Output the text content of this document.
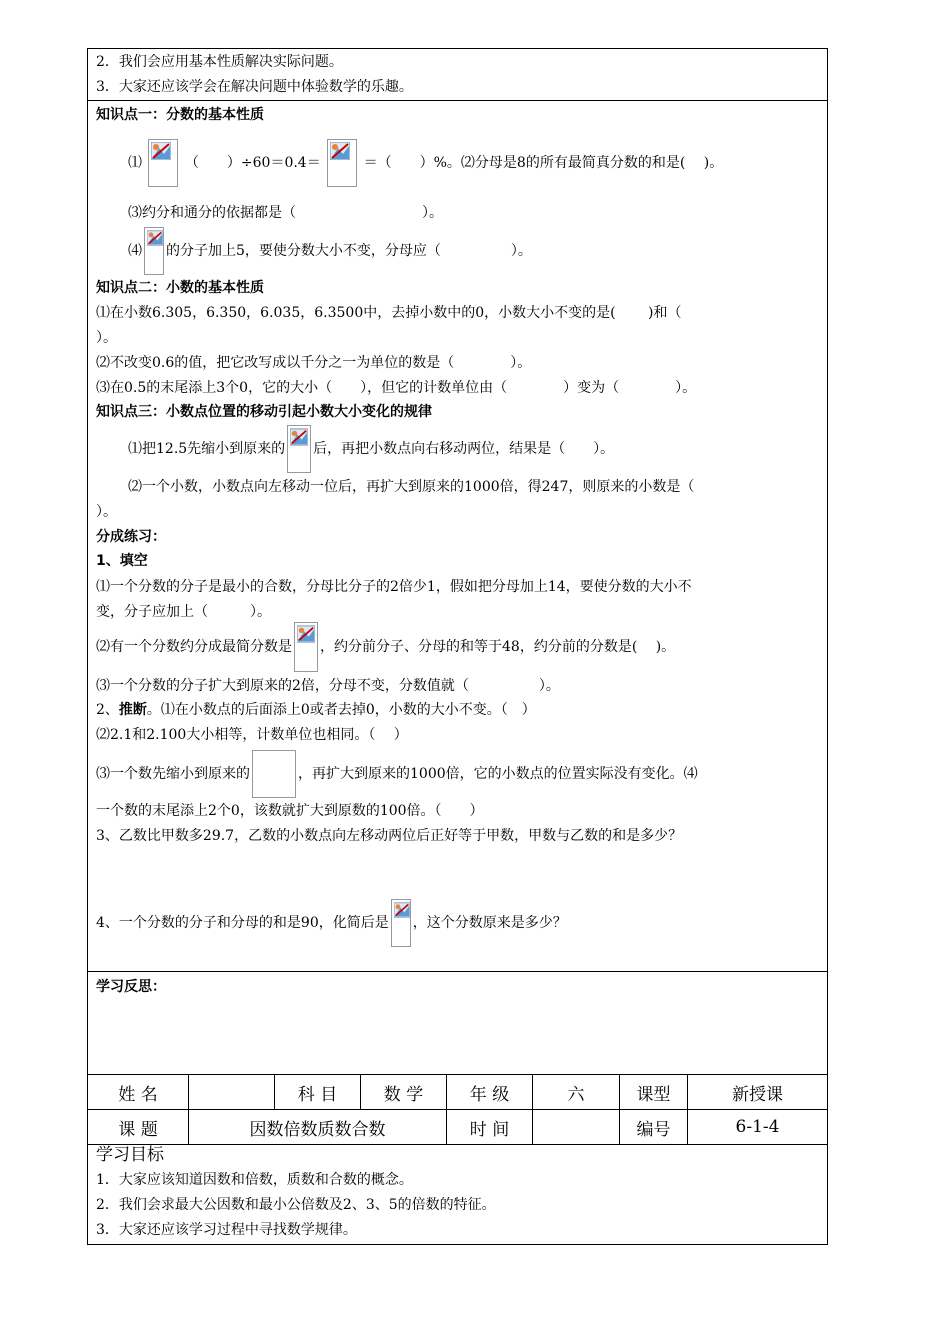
2．我们会应用基本性质解决实际问题。
3．大家还应该学会在解决问题中体验数学的乐趣。
知识点一：分数的基本性质
⑴	（　　）÷60＝0.4＝	＝（　　）%。⑵分母是8的所有最简真分数的和是(　 )。
⑶约分和通分的依据都是（　　　　　　　　　）。
⑷ 的分子加上5，要使分数大小不变，分母应（　　　　　）。
知识点二：小数的基本性质
⑴在小数6.305，6.350，6.035，6.3500中，去掉小数中的0，小数大小不变的是(　　 )和（
）。
⑵不改变0.6的值，把它改写成以千分之一为单位的数是（　　　　）。
⑶在0.5的末尾添上3个0，它的大小（　　），但它的计数单位由（　　　　）变为（　　　　）。
知识点三：小数点位置的移动引起小数大小变化的规律
⑴把12.5先缩小到原来的 后，再把小数点向右移动两位，结果是（　　）。
⑵一个小数，小数点向左移动一位后，再扩大到原来的1000倍，得247，则原来的小数是（
）。
分成练习：
1、填空
⑴一个分数的分子是最小的合数，分母比分子的2倍少1，假如把分母加上14，要使分数的大小不
变，分子应加上（　　　）。
⑵有一个分数约分成最简分数是 ，约分前分子、分母的和等于48，约分前的分数是(　 )。
⑶一个分数的分子扩大到原来的2倍，分母不变，分数值就（　　　　　）。
2、推断。⑴在小数点的后面添上0或者去掉0，小数的大小不变。（　）
⑵2.1和2.100大小相等，计数单位也相同。（　 ）
⑶一个数先缩小到原来的	，再扩大到原来的1000倍，它的小数点的位置实际没有变化。⑷
一个数的末尾添上2个0，该数就扩大到原数的100倍。（　　）
3、乙数比甲数多29.7，乙数的小数点向左移动两位后正好等于甲数，甲数与乙数的和是多少？
4、一个分数的分子和分母的和是90，化简后是 ，这个分数原来是多少？
学习反思：
姓 名		科 目	数 学	年 级	六	课型	新授课
课 题	因数倍数质数合数			时 间		编号	6-1-4
学习目标
1．大家应该知道因数和倍数，质数和合数的概念。
2．我们会求最大公因数和最小公倍数及2、3、5的倍数的特征。
3．大家还应该学习过程中寻找数学规律。
